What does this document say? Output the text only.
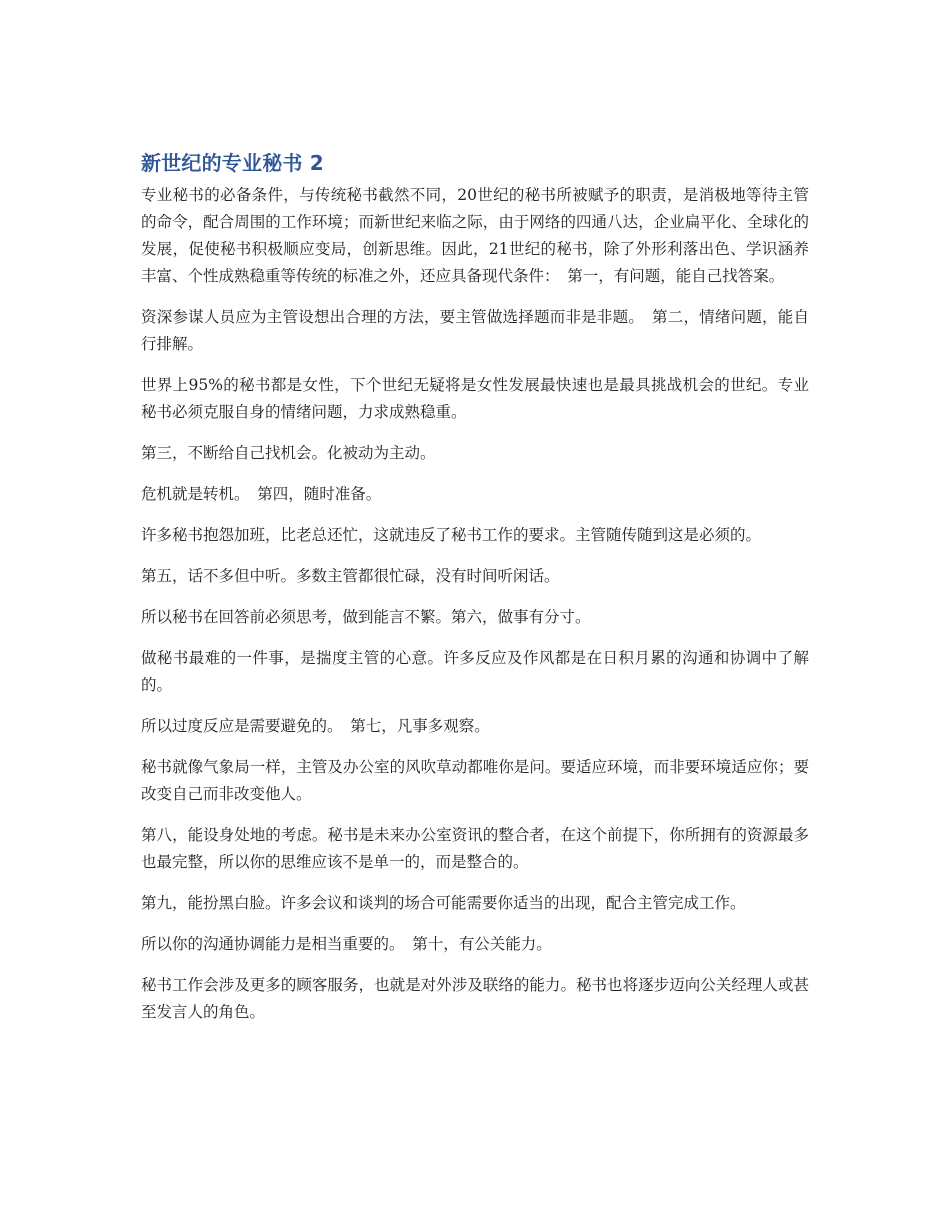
新世纪的专业秘书 2

专业秘书的必备条件，与传统秘书截然不同，20世纪的秘书所被赋予的职责，是消极地等待主管的命令，配合周围的工作环境；而新世纪来临之际，由于网络的四通八达，企业扁平化、全球化的发展，促使秘书积极顺应变局，创新思维。因此，21世纪的秘书，除了外形利落出色、学识涵养丰富、个性成熟稳重等传统的标准之外，还应具备现代条件：　第一，有问题，能自己找答案。

资深参谋人员应为主管设想出合理的方法，要主管做选择题而非是非题。　第二，情绪问题，能自行排解。

世界上95%的秘书都是女性，下个世纪无疑将是女性发展最快速也是最具挑战机会的世纪。专业秘书必须克服自身的情绪问题，力求成熟稳重。

第三，不断给自己找机会。化被动为主动。

危机就是转机。　第四，随时准备。

许多秘书抱怨加班，比老总还忙，这就违反了秘书工作的要求。主管随传随到这是必须的。

第五，话不多但中听。多数主管都很忙碌，没有时间听闲话。

所以秘书在回答前必须思考，做到能言不繁。第六，做事有分寸。

做秘书最难的一件事，是揣度主管的心意。许多反应及作风都是在日积月累的沟通和协调中了解的。

所以过度反应是需要避免的。　第七，凡事多观察。

秘书就像气象局一样，主管及办公室的风吹草动都唯你是问。要适应环境，而非要环境适应你；要改变自己而非改变他人。

第八，能设身处地的考虑。秘书是未来办公室资讯的整合者，在这个前提下，你所拥有的资源最多也最完整，所以你的思维应该不是单一的，而是整合的。

第九，能扮黑白脸。许多会议和谈判的场合可能需要你适当的出现，配合主管完成工作。

所以你的沟通协调能力是相当重要的。　第十，有公关能力。

秘书工作会涉及更多的顾客服务，也就是对外涉及联络的能力。秘书也将逐步迈向公关经理人或甚至发言人的角色。
